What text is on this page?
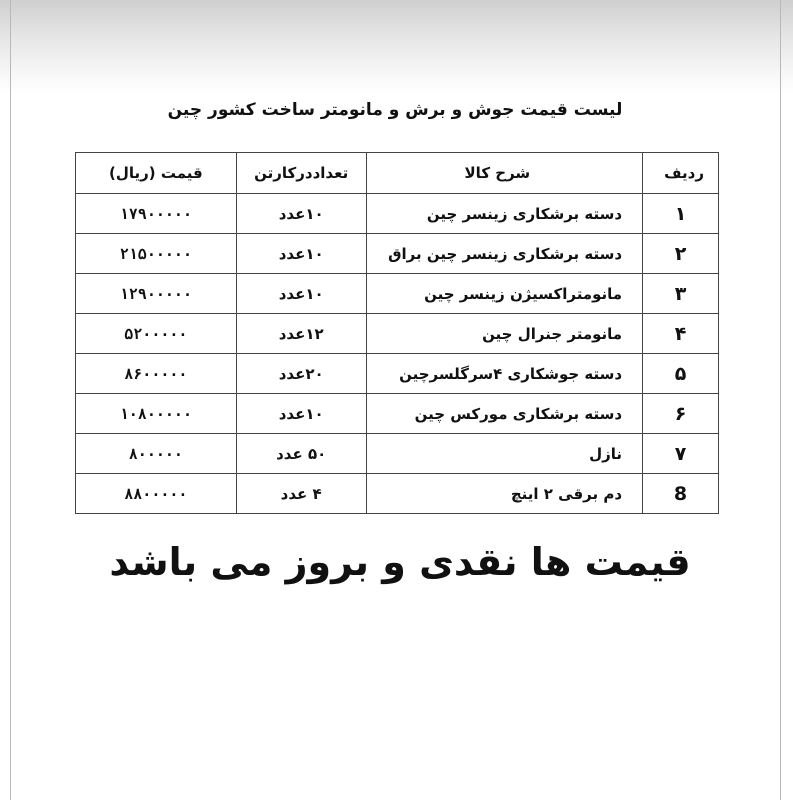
لیست قیمت جوش و برش و مانومتر ساخت کشور چین
ردیف	شرح کالا	تعداددرکارتن	قیمت (ریال)
۱	دسته برشکاری زینسر چین	۱۰عدد	۱۷۹۰۰۰۰۰
۲	دسته برشکاری زینسر چین براق	۱۰عدد	۲۱۵۰۰۰۰۰
۳	مانومتراکسیژن زینسر چین	۱۰عدد	۱۲۹۰۰۰۰۰
۴	مانومتر جنرال چین	۱۲عدد	۵۲۰۰۰۰۰
۵	دسته جوشکاری ۴سرگلسرچین	۲۰عدد	۸۶۰۰۰۰۰
۶	دسته برشکاری مورکس چین	۱۰عدد	۱۰۸۰۰۰۰۰
۷	نازل	۵۰ عدد	۸۰۰۰۰۰
8	دم برقی ۲ اینچ	۴ عدد	۸۸۰۰۰۰۰
قیمت ها نقدی و بروز می باشد
